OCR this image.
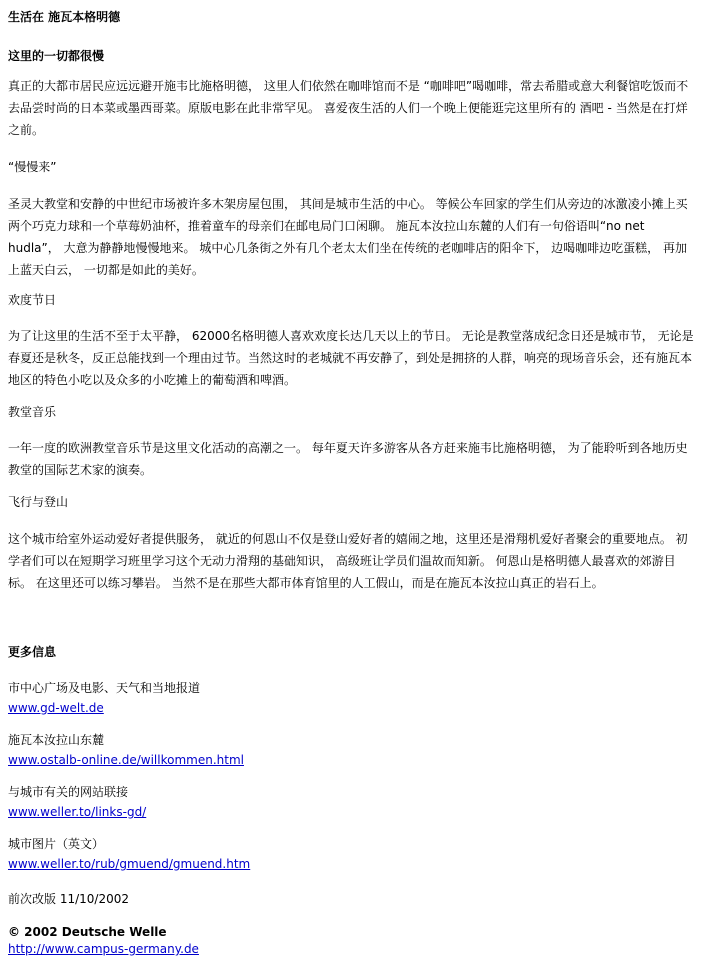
生活在 施瓦本格明德
这里的一切都很慢
真正的大都市居民应远远避开施韦比施格明德， 这里人们依然在咖啡馆而不是 “咖啡吧”喝咖啡，常去希腊或意大利餐馆吃饭而不去品尝时尚的日本菜或墨西哥菜。原版电影在此非常罕见。 喜爱夜生活的人们一个晚上便能逛完这里所有的 酒吧 - 当然是在打烊之前。
“慢慢来”
圣灵大教堂和安静的中世纪市场被许多木架房屋包围， 其间是城市生活的中心。 等候公车回家的学生们从旁边的冰激凌小摊上买两个巧克力球和一个草莓奶油杯，推着童车的母亲们在邮电局门口闲聊。 施瓦本汝拉山东麓的人们有一句俗语叫“no net hudla”， 大意为静静地慢慢地来。 城中心几条街之外有几个老太太们坐在传统的老咖啡店的阳伞下， 边喝咖啡边吃蛋糕， 再加上蓝天白云， 一切都是如此的美好。
欢度节日
为了让这里的生活不至于太平静， 62000名格明德人喜欢欢度长达几天以上的节日。 无论是教堂落成纪念日还是城市节， 无论是春夏还是秋冬，反正总能找到一个理由过节。当然这时的老城就不再安静了，到处是拥挤的人群，响亮的现场音乐会，还有施瓦本地区的特色小吃以及众多的小吃摊上的葡萄酒和啤酒。
教堂音乐
一年一度的欧洲教堂音乐节是这里文化活动的高潮之一。 每年夏天许多游客从各方赶来施韦比施格明德， 为了能聆听到各地历史教堂的国际艺术家的演奏。
飞行与登山
这个城市给室外运动爱好者提供服务， 就近的何恩山不仅是登山爱好者的嬉闹之地，这里还是滑翔机爱好者聚会的重要地点。 初学者们可以在短期学习班里学习这个无动力滑翔的基础知识， 高级班让学员们温故而知新。 何恩山是格明德人最喜欢的郊游目标。 在这里还可以练习攀岩。 当然不是在那些大都市体育馆里的人工假山，而是在施瓦本汝拉山真正的岩石上。
更多信息
市中心广场及电影、天气和当地报道
www.gd-welt.de
施瓦本汝拉山东麓
www.ostalb-online.de/willkommen.html
与城市有关的网站联接
www.weller.to/links-gd/
城市图片（英文）
www.weller.to/rub/gmuend/gmuend.htm
前次改版 11/10/2002
© 2002 Deutsche Welle
http://www.campus-germany.de
